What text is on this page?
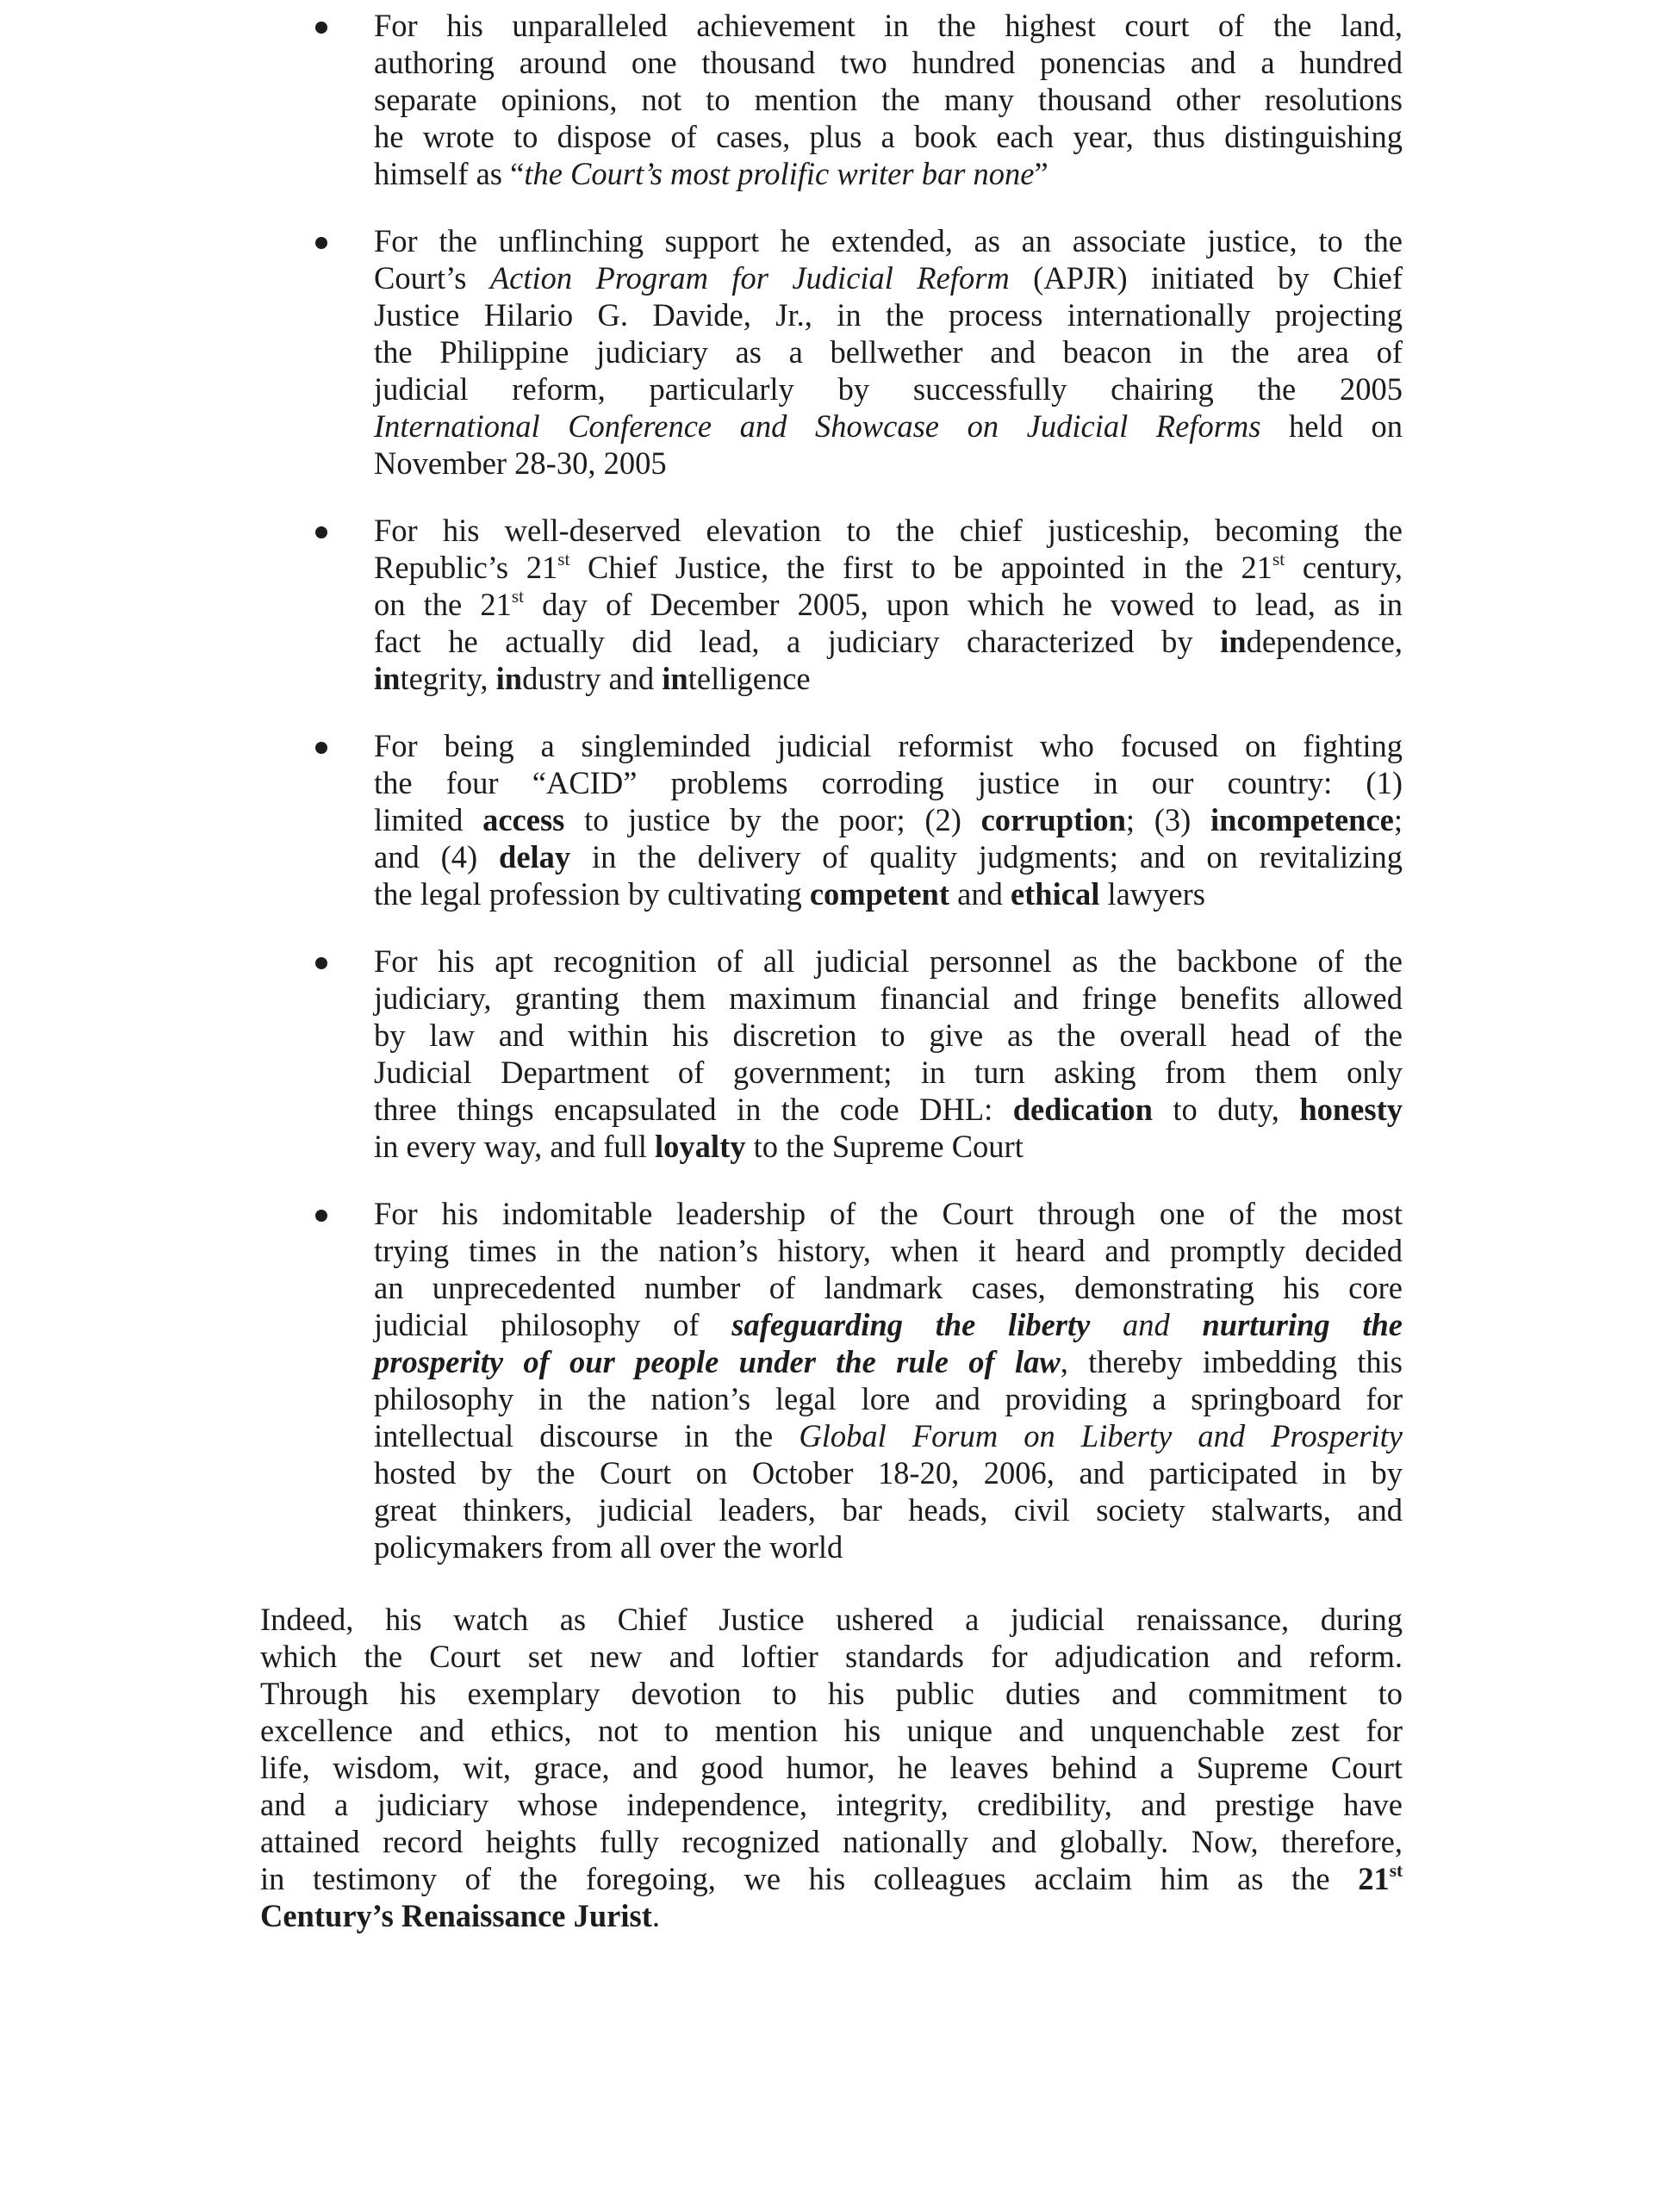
For his unparalleled achievement in the highest court of the land,
authoring around one thousand two hundred ponencias and a hundred
separate opinions, not to mention the many thousand other resolutions
he wrote to dispose of cases, plus a book each year, thus distinguishing
himself as “the Court’s most prolific writer bar none”
For the unflinching support he extended, as an associate justice, to the
Court’s Action Program for Judicial Reform (APJR) initiated by Chief
Justice Hilario G. Davide, Jr., in the process internationally projecting
the Philippine judiciary as a bellwether and beacon in the area of
judicial reform, particularly by successfully chairing the 2005
International Conference and Showcase on Judicial Reforms held on
November 28-30, 2005
For his well-deserved elevation to the chief justiceship, becoming the
Republic’s 21st Chief Justice, the first to be appointed in the 21st century,
on the 21st day of December 2005, upon which he vowed to lead, as in
fact he actually did lead, a judiciary characterized by independence,
integrity, industry and intelligence
For being a singleminded judicial reformist who focused on fighting
the four “ACID” problems corroding justice in our country: (1)
limited access to justice by the poor; (2) corruption; (3) incompetence;
and (4) delay in the delivery of quality judgments; and on revitalizing
the legal profession by cultivating competent and ethical lawyers
For his apt recognition of all judicial personnel as the backbone of the
judiciary, granting them maximum financial and fringe benefits allowed
by law and within his discretion to give as the overall head of the
Judicial Department of government; in turn asking from them only
three things encapsulated in the code DHL: dedication to duty, honesty
in every way, and full loyalty to the Supreme Court
For his indomitable leadership of the Court through one of the most
trying times in the nation’s history, when it heard and promptly decided
an unprecedented number of landmark cases, demonstrating his core
judicial philosophy of safeguarding the liberty and nurturing the
prosperity of our people under the rule of law, thereby imbedding this
philosophy in the nation’s legal lore and providing a springboard for
intellectual discourse in the Global Forum on Liberty and Prosperity
hosted by the Court on October 18-20, 2006, and participated in by
great thinkers, judicial leaders, bar heads, civil society stalwarts, and
policymakers from all over the world
Indeed, his watch as Chief Justice ushered a judicial renaissance, during
which the Court set new and loftier standards for adjudication and reform.
Through his exemplary devotion to his public duties and commitment to
excellence and ethics, not to mention his unique and unquenchable zest for
life, wisdom, wit, grace, and good humor, he leaves behind a Supreme Court
and a judiciary whose independence, integrity, credibility, and prestige have
attained record heights fully recognized nationally and globally. Now, therefore,
in testimony of the foregoing, we his colleagues acclaim him as the 21st
Century’s Renaissance Jurist.
